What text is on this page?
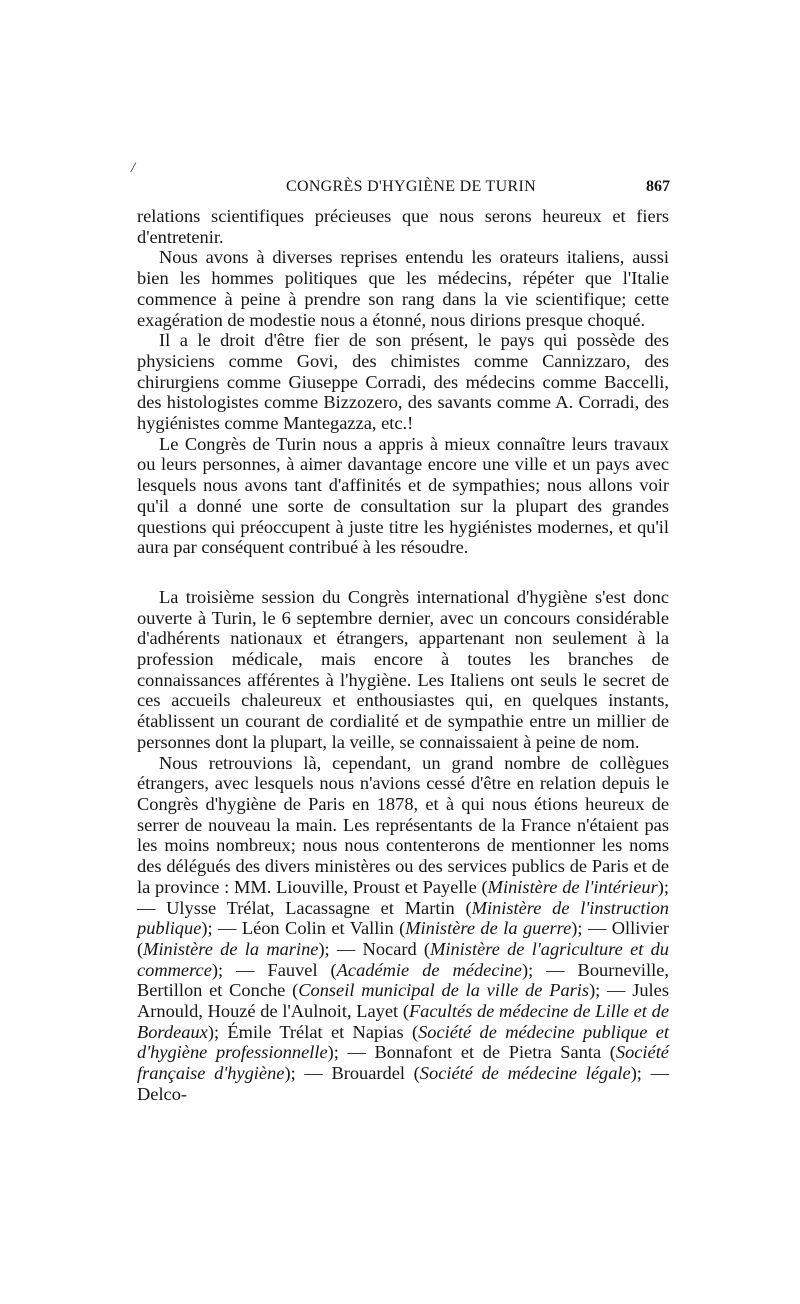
/
CONGRÈS D'HYGIÈNE DE TURIN	867

relations scientifiques précieuses que nous serons heureux et fiers d'entretenir.

Nous avons à diverses reprises entendu les orateurs italiens, aussi bien les hommes politiques que les médecins, répéter que l'Italie commence à peine à prendre son rang dans la vie scientifique; cette exagération de modestie nous a étonné, nous dirions presque choqué.

Il a le droit d'être fier de son présent, le pays qui possède des physiciens comme Govi, des chimistes comme Cannizzaro, des chirurgiens comme Giuseppe Corradi, des médecins comme Baccelli, des histologistes comme Bizzozero, des savants comme A. Corradi, des hygiénistes comme Mantegazza, etc.!

Le Congrès de Turin nous a appris à mieux connaître leurs travaux ou leurs personnes, à aimer davantage encore une ville et un pays avec lesquels nous avons tant d'affinités et de sympathies; nous allons voir qu'il a donné une sorte de consultation sur la plupart des grandes questions qui préoccupent à juste titre les hygiénistes modernes, et qu'il aura par conséquent contribué à les résoudre.

La troisième session du Congrès international d'hygiène s'est donc ouverte à Turin, le 6 septembre dernier, avec un concours considérable d'adhérents nationaux et étrangers, appartenant non seulement à la profession médicale, mais encore à toutes les branches de connaissances afférentes à l'hygiène. Les Italiens ont seuls le secret de ces accueils chaleureux et enthousiastes qui, en quelques instants, établissent un courant de cordialité et de sympathie entre un millier de personnes dont la plupart, la veille, se connaissaient à peine de nom.

Nous retrouvions là, cependant, un grand nombre de collègues étrangers, avec lesquels nous n'avions cessé d'être en relation depuis le Congrès d'hygiène de Paris en 1878, et à qui nous étions heureux de serrer de nouveau la main. Les représentants de la France n'étaient pas les moins nombreux; nous nous contenterons de mentionner les noms des délégués des divers ministères ou des services publics de Paris et de la province : MM. Liouville, Proust et Payelle (Ministère de l'intérieur); — Ulysse Trélat, Lacassagne et Martin (Ministère de l'instruction publique); — Léon Colin et Vallin (Ministère de la guerre); — Ollivier (Ministère de la marine); — Nocard (Ministère de l'agriculture et du commerce); — Fauvel (Académie de médecine); — Bourneville, Bertillon et Conche (Conseil municipal de la ville de Paris); — Jules Arnould, Houzé de l'Aulnoit, Layet (Facultés de médecine de Lille et de Bordeaux); Émile Trélat et Napias (Société de médecine publique et d'hygiène professionnelle); — Bonnafont et de Pietra Santa (Société française d'hygiène); — Brouardel (Société de médecine légale); — Delco-
